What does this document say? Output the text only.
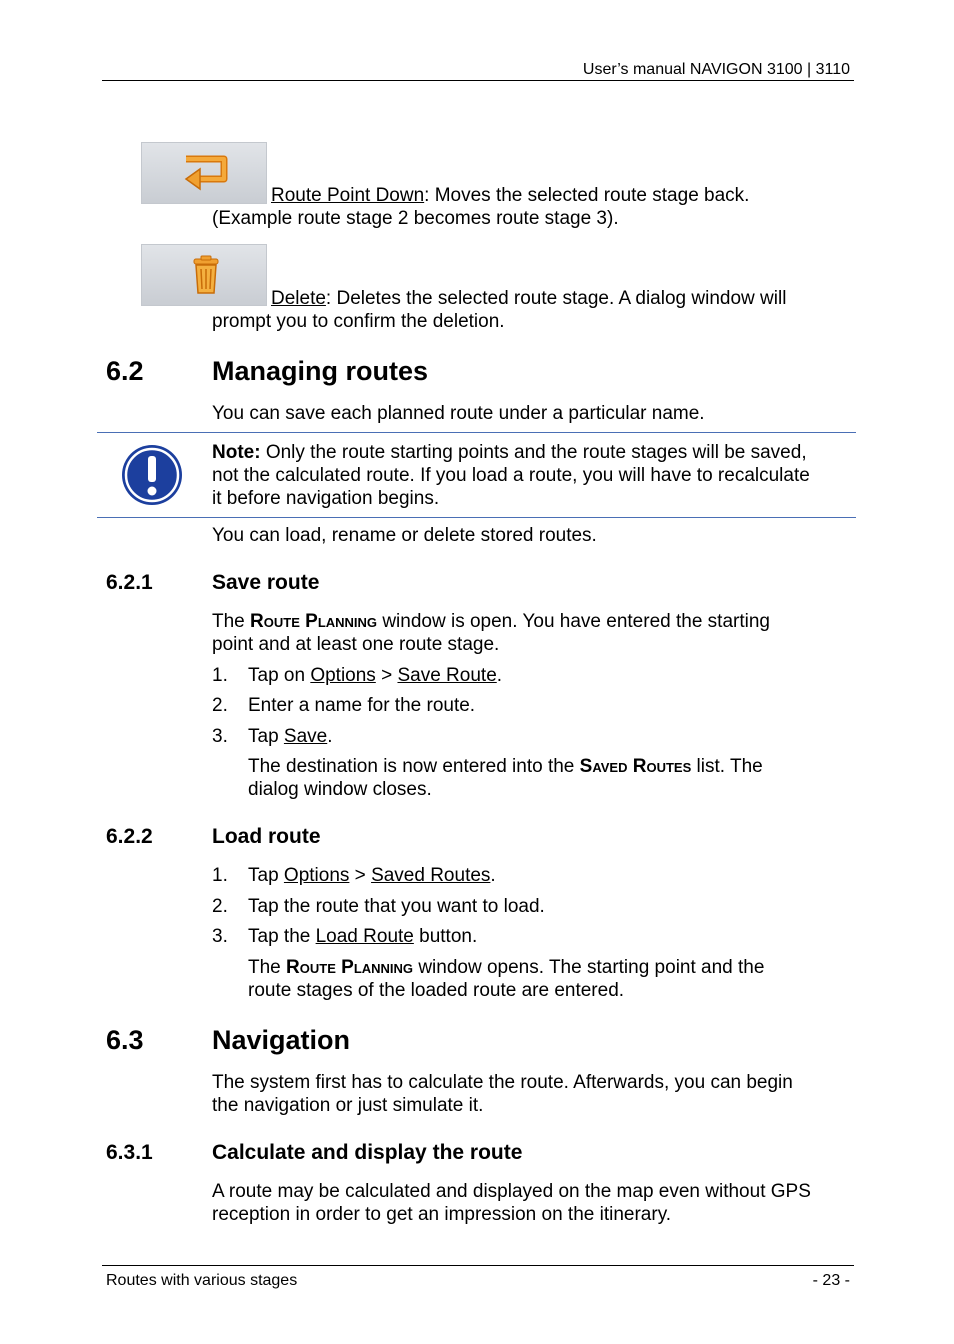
User’s manual NAVIGON 3100 | 3110
Route Point Down: Moves the selected route stage back.
(Example route stage 2 becomes route stage 3).
Delete: Deletes the selected route stage. A dialog window will
prompt you to confirm the deletion.
6.2	Managing routes
You can save each planned route under a particular name.
Note: Only the route starting points and the route stages will be saved,
not the calculated route. If you load a route, you will have to recalculate
it before navigation begins.
You can load, rename or delete stored routes.
6.2.1	Save route
The Route Planning window is open. You have entered the starting
point and at least one route stage.
1. Tap on Options > Save Route.
2. Enter a name for the route.
3. Tap Save.
The destination is now entered into the Saved Routes list. The
dialog window closes.
6.2.2	Load route
1. Tap Options > Saved Routes.
2. Tap the route that you want to load.
3. Tap the Load Route button.
The Route Planning window opens. The starting point and the
route stages of the loaded route are entered.
6.3	Navigation
The system first has to calculate the route. Afterwards, you can begin
the navigation or just simulate it.
6.3.1	Calculate and display the route
A route may be calculated and displayed on the map even without GPS
reception in order to get an impression on the itinerary.
Routes with various stages	- 23 -
